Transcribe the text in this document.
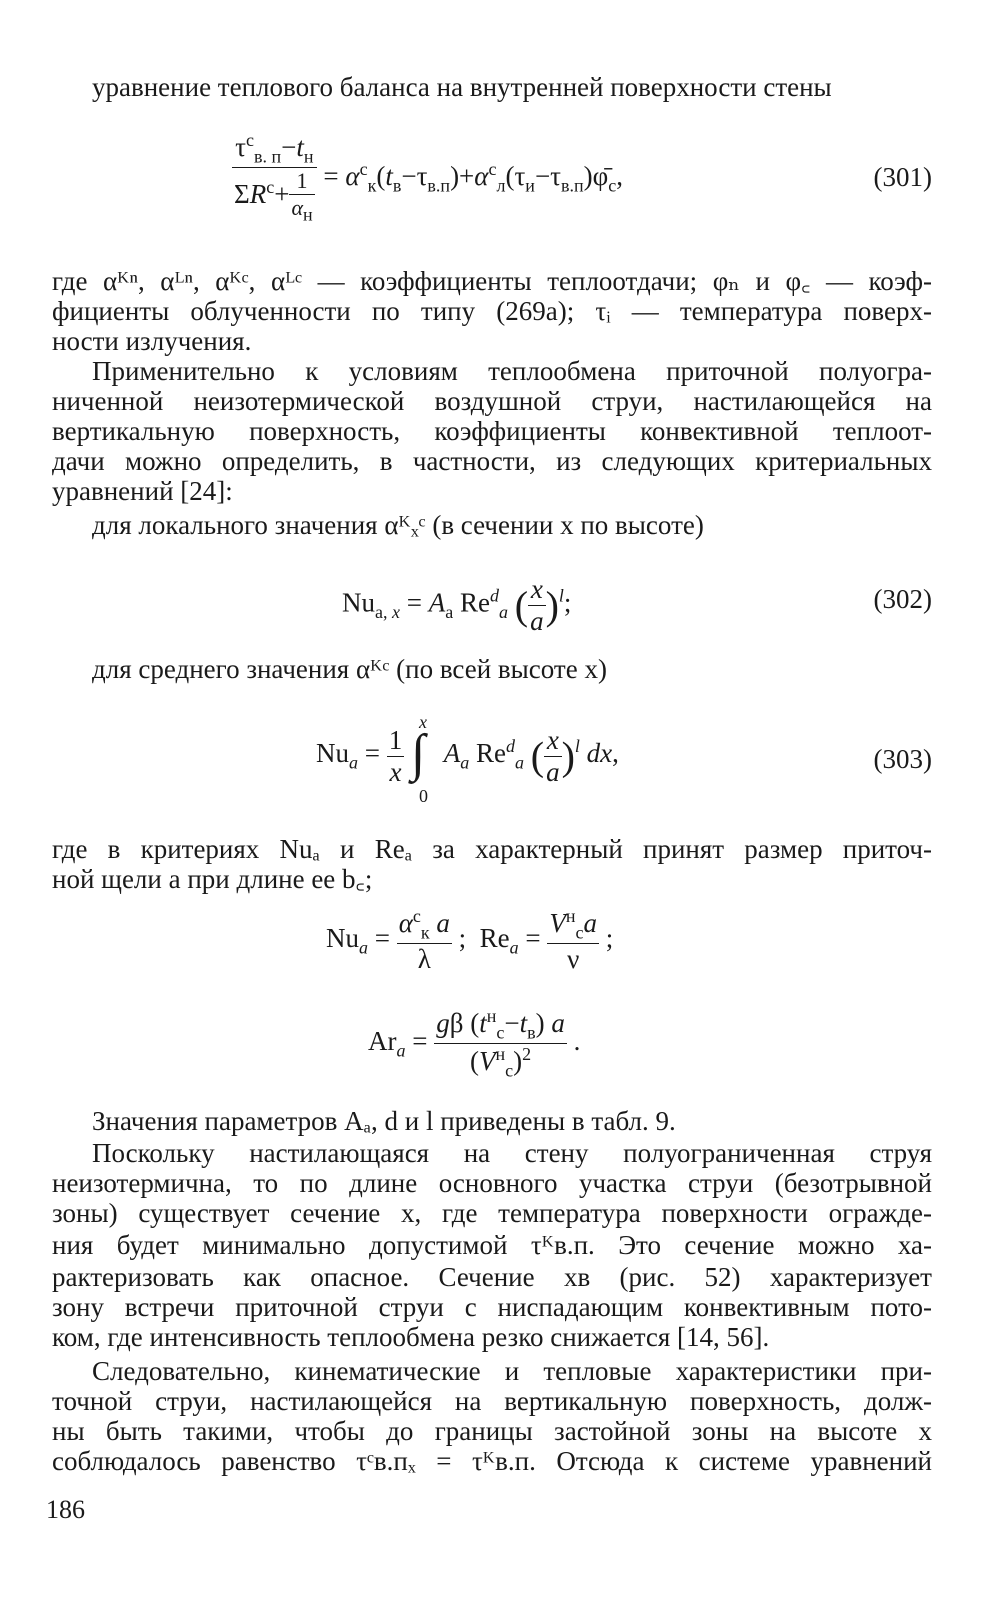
уравнение теплового баланса на внутренней поверхности стены
$\frac{\tau^с_{в. п}-t_н}{\Sigma R^с+ \frac{1}{\alpha_н}}$ = $\alpha^с_к(t_в-\tau_{в.п})+\alpha^с_л(\tau_и-\tau_{в.п})\varphī_с$,	(301)
где αᴷⁿ, αᴸⁿ, αᴷᶜ, αᴸᶜ — коэффициенты теплоотдачи; φₙ и φ꜀ — коэф-
фициенты облученности по типу (269а); τᵢ — температура поверх-
ности излучения.
Применительно к условиям теплообмена приточной полуогра-
ниченной неизотермической воздушной струи, настилающейся на
вертикальную поверхность, коэффициенты конвективной теплоот-
дачи можно определить, в частности, из следующих критериальных
уравнений [24]:
для локального значения αᴷₓᶜ (в сечении x по высоте)
$Nu_{а, x} = A_а$ $Re^d_a$ ( $\frac{x}{a} )^l$;	(302)
для среднего значения αᴷᶜ (по всей высоте x)
$Nu_a = \frac{1}{x}$

x
∫
0
$A_a$ $Re^d_a$ ( $\frac{x}{a} )^l$ dx,	(303)
где в критериях Nuₐ и Reₐ за характерный принят размер приточ-
ной щели a при длине ее b꜀;
$Nu_a = \frac{\alpha^с_к a}{\lambda}$ ;  $Re_a = \frac{V^н_сa}{\nu}$ ;
$Ar_a = \frac{g\beta (t^н_с-t_в) a}{(V^н_с)^2}$ .
Значения параметров Aₐ, d и l приведены в табл. 9.
Поскольку настилающаяся на стену полуограниченная струя
неизотермична, то по длине основного участка струи (безотрывной
зоны) существует сечение x, где температура поверхности огражде-
ния будет минимально допустимой τᴷв.п. Это сечение можно ха-
рактеризовать как опасное. Сечение xв (рис. 52) характеризует
зону встречи приточной струи с ниспадающим конвективным пото-
ком, где интенсивность теплообмена резко снижается [14, 56].
Следовательно, кинематические и тепловые характеристики при-
точной струи, настилающейся на вертикальную поверхность, долж-
ны быть такими, чтобы до границы застойной зоны на высоте x
соблюдалось равенство τᶜв.пₓ = τᴷв.п. Отсюда к системе уравнений
186
